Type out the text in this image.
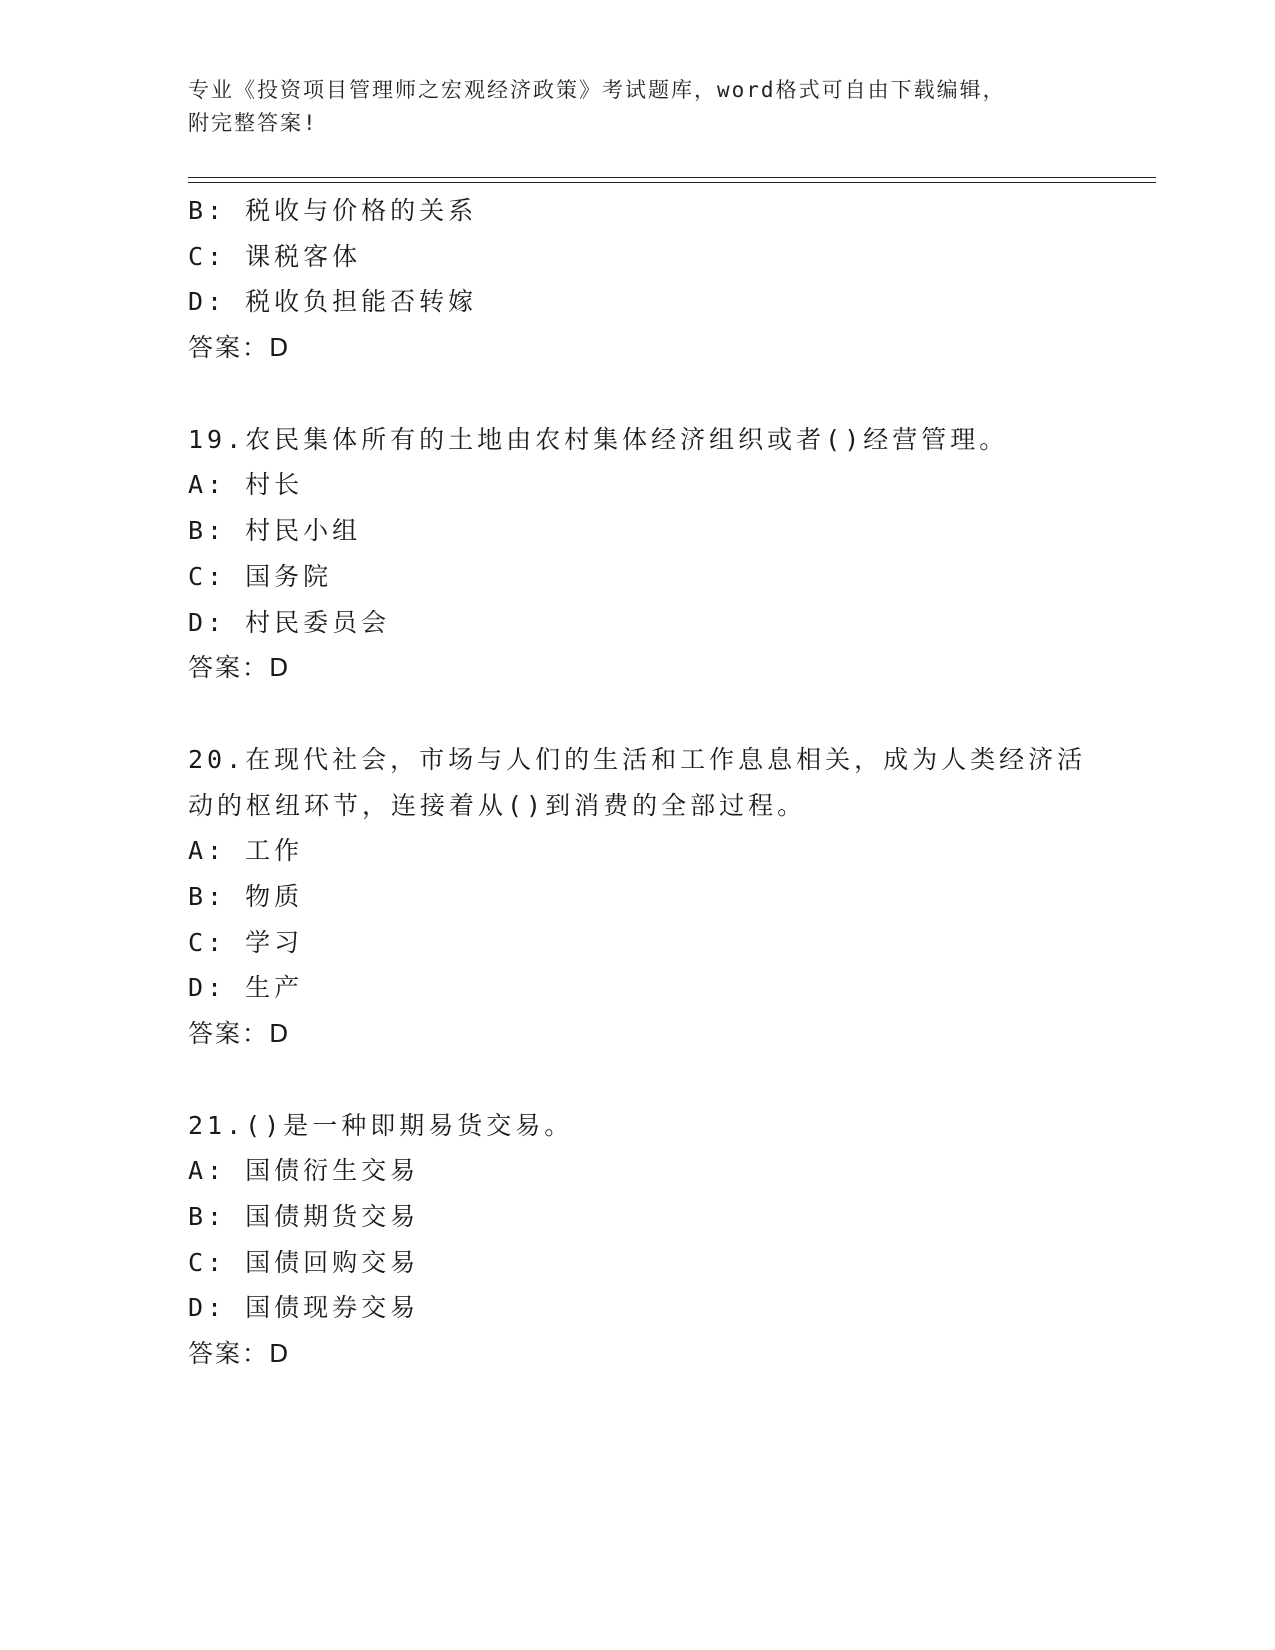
专业《投资项目管理师之宏观经济政策》考试题库，word格式可自由下载编辑，
附完整答案!
B: 税收与价格的关系
C: 课税客体
D: 税收负担能否转嫁
答案：D
19.农民集体所有的土地由农村集体经济组织或者()经营管理。
A: 村长
B: 村民小组
C: 国务院
D: 村民委员会
答案：D
20.在现代社会，市场与人们的生活和工作息息相关，成为人类经济活
动的枢纽环节，连接着从()到消费的全部过程。
A: 工作
B: 物质
C: 学习
D: 生产
答案：D
21.()是一种即期易货交易。
A: 国债衍生交易
B: 国债期货交易
C: 国债回购交易
D: 国债现券交易
答案：D
